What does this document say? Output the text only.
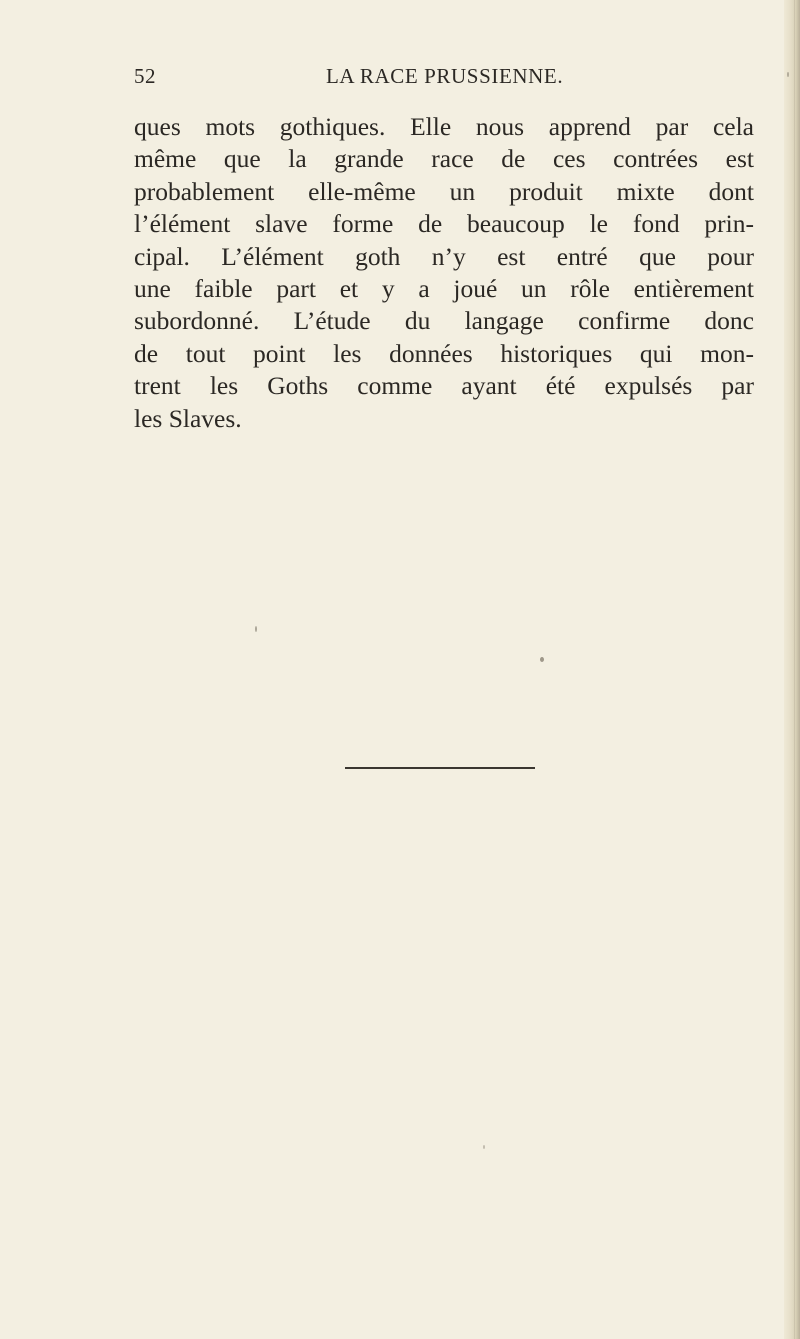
52	LA RACE PRUSSIENNE.
ques mots gothiques. Elle nous apprend par cela
même que la grande race de ces contrées est
probablement elle-même un produit mixte dont
l’élément slave forme de beaucoup le fond prin-
cipal. L’élément goth n’y est entré que pour
une faible part et y a joué un rôle entièrement
subordonné. L’étude du langage confirme donc
de tout point les données historiques qui mon-
trent les Goths comme ayant été expulsés par
les Slaves.
